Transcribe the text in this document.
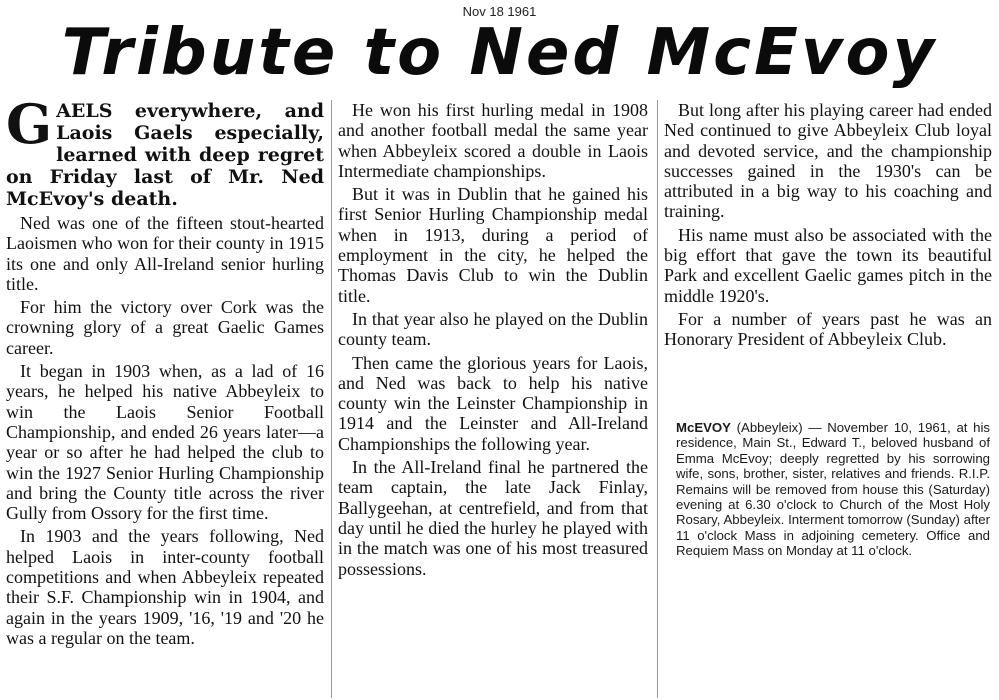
Nov 18 1961
Tribute to Ned McEvoy

GAELS everywhere, and Laois Gaels especially, learned with deep regret on Friday last of Mr. Ned McEvoy's death.

Ned was one of the fifteen stout-hearted Laoismen who won for their county in 1915 its one and only All-Ireland senior hurling title.

For him the victory over Cork was the crowning glory of a great Gaelic Games career.

It began in 1903 when, as a lad of 16 years, he helped his native Abbeyleix to win the Laois Senior Football Championship, and ended 26 years later—a year or so after he had helped the club to win the 1927 Senior Hurling Championship and bring the County title across the river Gully from Ossory for the first time.

In 1903 and the years following, Ned helped Laois in inter-county football competitions and when Abbeyleix repeated their S.F. Championship win in 1904, and again in the years 1909, '16, '19 and '20 he was a regular on the team.

He won his first hurling medal in 1908 and another football medal the same year when Abbeyleix scored a double in Laois Intermediate championships.

But it was in Dublin that he gained his first Senior Hurling Championship medal when in 1913, during a period of employment in the city, he helped the Thomas Davis Club to win the Dublin title.

In that year also he played on the Dublin county team.

Then came the glorious years for Laois, and Ned was back to help his native county win the Leinster Championship in 1914 and the Leinster and All-Ireland Championships the following year.

In the All-Ireland final he partnered the team captain, the late Jack Finlay, Ballygeehan, at centrefield, and from that day until he died the hurley he played with in the match was one of his most treasured possessions.

But long after his playing career had ended Ned continued to give Abbeyleix Club loyal and devoted service, and the championship successes gained in the 1930's can be attributed in a big way to his coaching and training.

His name must also be associated with the big effort that gave the town its beautiful Park and excellent Gaelic games pitch in the middle 1920's.

For a number of years past he was an Honorary President of Abbeyleix Club.

McEVOY (Abbeyleix) — November 10, 1961, at his residence, Main St., Edward T., beloved husband of Emma McEvoy; deeply regretted by his sorrowing wife, sons, brother, sister, relatives and friends. R.I.P. Remains will be removed from house this (Saturday) evening at 6.30 o'clock to Church of the Most Holy Rosary, Abbeyleix. Interment tomorrow (Sunday) after 11 o'clock Mass in adjoining cemetery. Office and Requiem Mass on Monday at 11 o'clock.
